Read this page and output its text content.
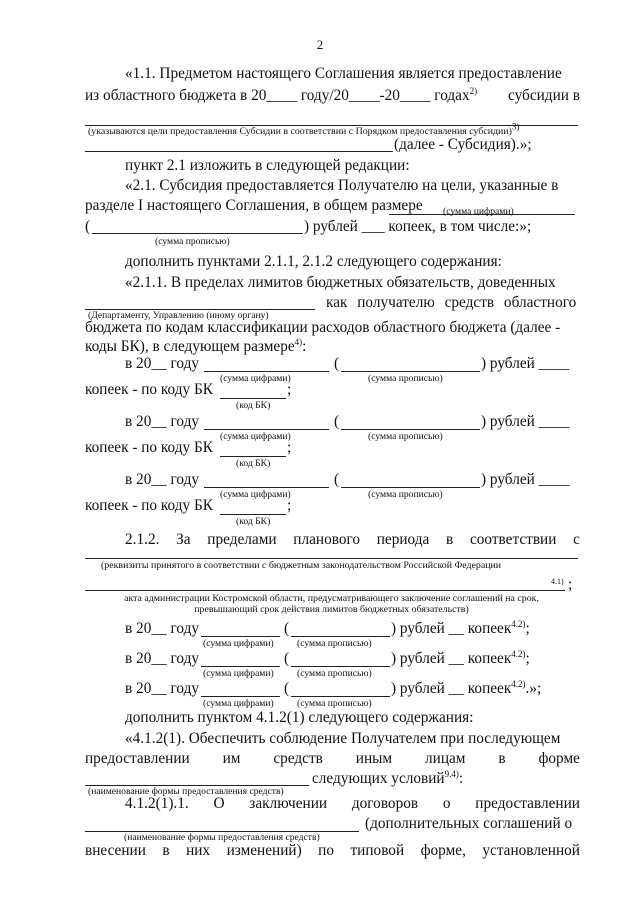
2
«1.1. Предметом настоящего Соглашения является предоставление
из областного бюджета в 20____ году/20____-20____ годах$^{2)}$ субсидии в
(указываются цели предоставления Субсидии в соответствии с Порядком предоставления субсидии)$^{3)}$
(далее - Субсидия).»;
пункт 2.1 изложить в следующей редакции:
«2.1. Субсидия предоставляется Получателю на цели, указанные в
разделе I настоящего Соглашения, в общем размере (сумма цифрами)
(	) рублей ___ копеек, в том числе:»;
(сумма прописью)
дополнить пунктами 2.1.1, 2.1.2 следующего содержания:
«2.1.1. В пределах лимитов бюджетных обязательств, доведенных
как получателю средств областного
(Департаменту, Управлению (иному органу)
бюджета по кодам классификации расходов областного бюджета (далее -
коды БК), в следующем размере$^{4)}$:
в 20__ году	(	) рублей ____
(сумма цифрами)	(сумма прописью)
копеек - по коду БК	;
(код БК)
в 20__ году	(	) рублей ____
(сумма цифрами)	(сумма прописью)
копеек - по коду БК	;
(код БК)
в 20__ году	(	) рублей ____
(сумма цифрами)	(сумма прописью)
копеек - по коду БК	;
(код БК)
2.1.2. За пределами планового периода в соответствии с
(реквизиты принятого в соответствии с бюджетным законодательством Российской Федерации
4.1) ;
акта администрации Костромской области, предусматривающего заключение соглашений на срок,
превышающий срок действия лимитов бюджетных обязательств)
в 20__ году	(	) рублей __ копеек$^{4.2)}$;
(сумма цифрами) (сумма прописью)
в 20__ году	(	) рублей __ копеек$^{4.2)}$;
(сумма цифрами) (сумма прописью)
в 20__ году	(	) рублей __ копеек$^{4.2)}$.»;
(сумма цифрами) (сумма прописью)
дополнить пунктом 4.1.2(1) следующего содержания:
«4.1.2(1). Обеспечить соблюдение Получателем при последующем
предоставлении им средств иным лицам в форме
следующих условий$^{9.4)}$:
(наименование формы предоставления средств)
4.1.2(1).1. О заключении договоров о предоставлении
(дополнительных соглашений о
(наименование формы предоставления средств)
внесении в них изменений) по типовой форме, установленной
